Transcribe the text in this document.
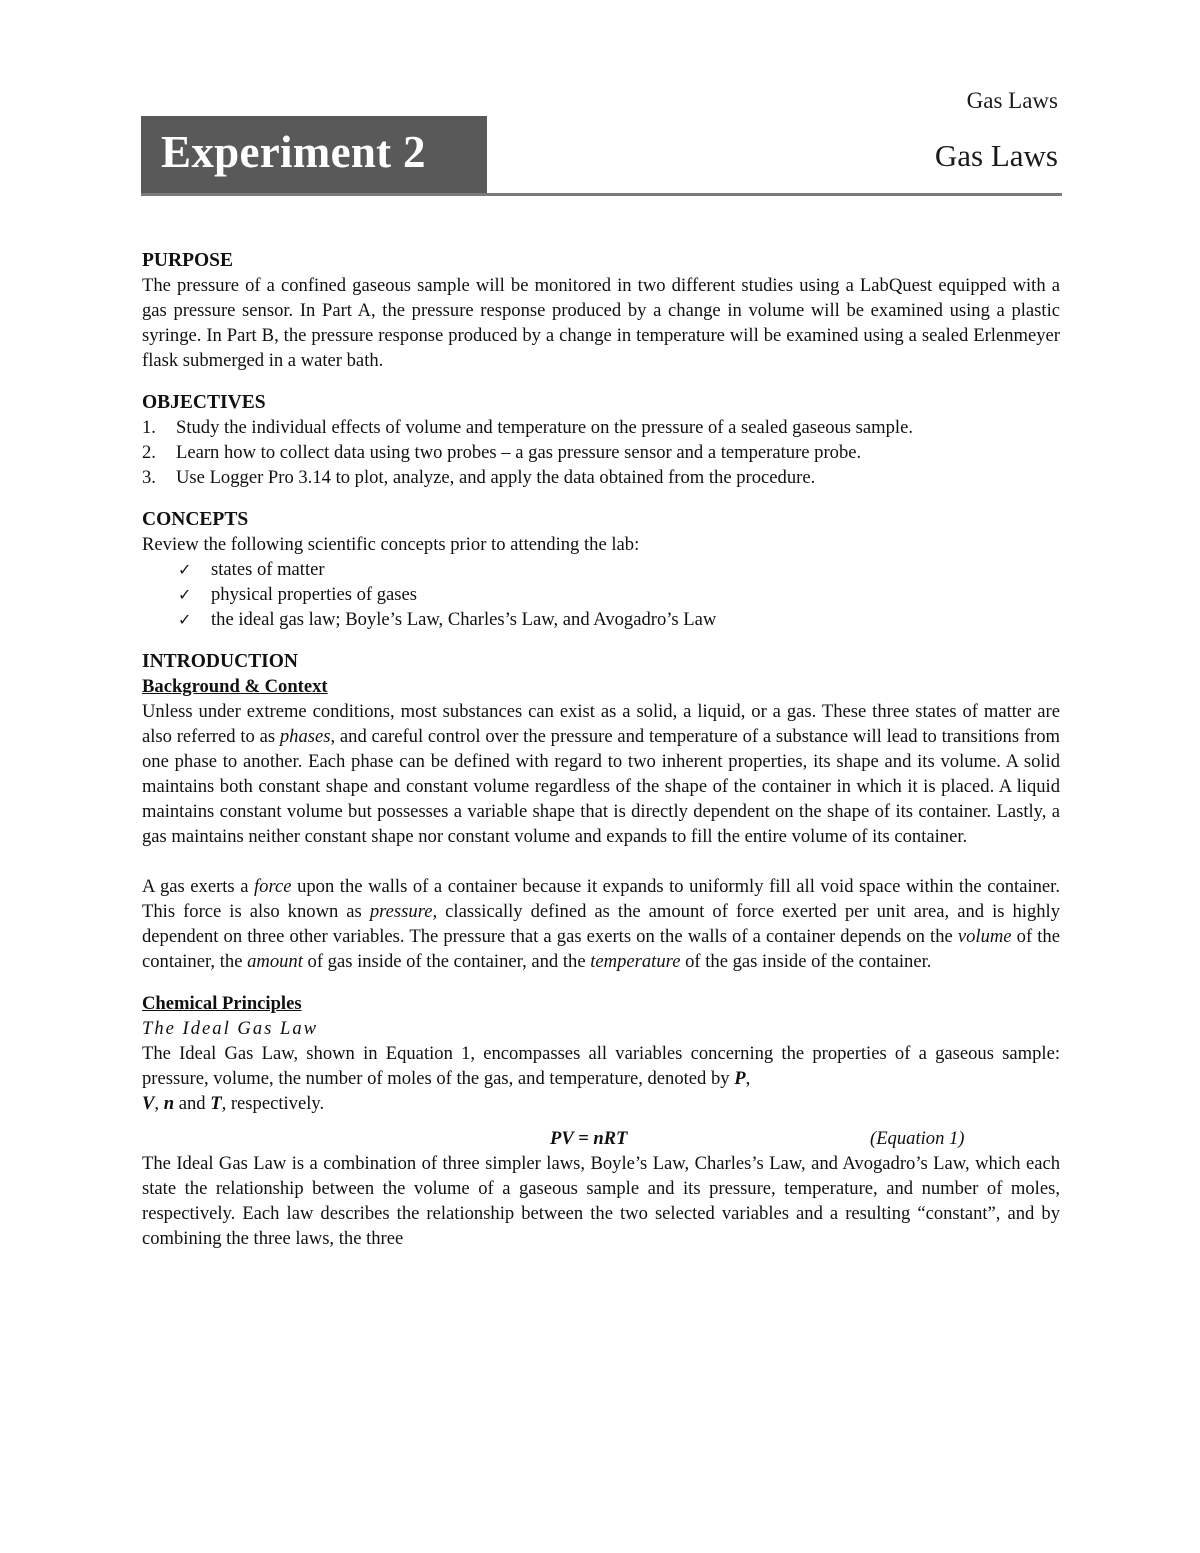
Gas Laws
Experiment 2	Gas Laws
PURPOSE

The pressure of a confined gaseous sample will be monitored in two different studies using a LabQuest equipped with a gas pressure sensor. In Part A, the pressure response produced by a change in volume will be examined using a plastic syringe. In Part B, the pressure response produced by a change in temperature will be examined using a sealed Erlenmeyer flask submerged in a water bath.

OBJECTIVES
1. Study the individual effects of volume and temperature on the pressure of a sealed gaseous sample.
2. Learn how to collect data using two probes – a gas pressure sensor and a temperature probe.
3. Use Logger Pro 3.14 to plot, analyze, and apply the data obtained from the procedure.
CONCEPTS

Review the following scientific concepts prior to attending the lab:

✓ states of matter
✓ physical properties of gases
✓ the ideal gas law; Boyle’s Law, Charles’s Law, and Avogadro’s Law
INTRODUCTION
Background & Context

Unless under extreme conditions, most substances can exist as a solid, a liquid, or a gas. These three states of matter are also referred to as phases, and careful control over the pressure and temperature of a substance will lead to transitions from one phase to another. Each phase can be defined with regard to two inherent properties, its shape and its volume. A solid maintains both constant shape and constant volume regardless of the shape of the container in which it is placed. A liquid maintains constant volume but possesses a variable shape that is directly dependent on the shape of its container. Lastly, a gas maintains neither constant shape nor constant volume and expands to fill the entire volume of its container.

A gas exerts a force upon the walls of a container because it expands to uniformly fill all void space within the container. This force is also known as pressure, classically defined as the amount of force exerted per unit area, and is highly dependent on three other variables. The pressure that a gas exerts on the walls of a container depends on the volume of the container, the amount of gas inside of the container, and the temperature of the gas inside of the container.

Chemical Principles
The Ideal Gas Law

The Ideal Gas Law, shown in Equation 1, encompasses all variables concerning the properties of a gaseous sample: pressure, volume, the number of moles of the gas, and temperature, denoted by P,
V, n and T, respectively.

PV = nRT	(Equation 1)

The Ideal Gas Law is a combination of three simpler laws, Boyle’s Law, Charles’s Law, and Avogadro’s Law, which each state the relationship between the volume of a gaseous sample and its pressure, temperature, and number of moles, respectively. Each law describes the relationship between the two selected variables and a resulting “constant”, and by combining the three laws, the three
